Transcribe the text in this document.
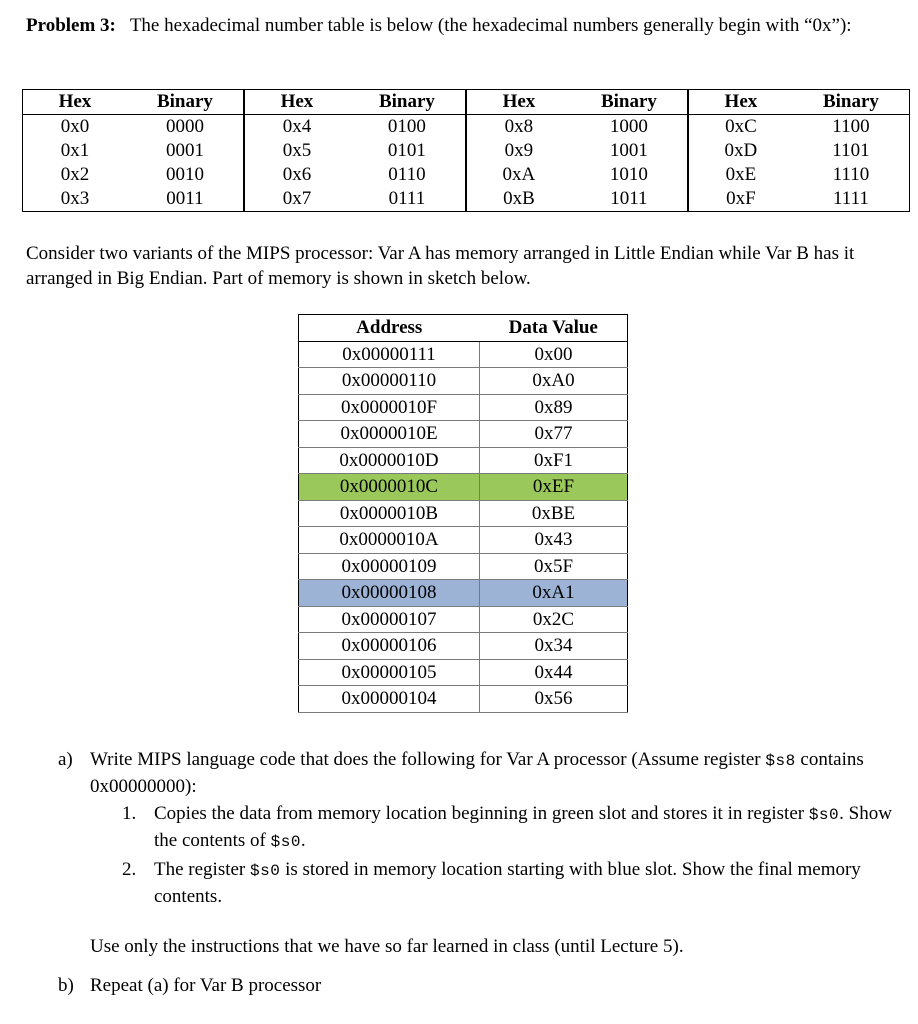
Problem 3: The hexadecimal number table is below (the hexadecimal numbers generally begin with “0x”):
Hex	Binary	Hex	Binary	Hex	Binary	Hex	Binary
0x0	0000	0x4	0100	0x8	1000	0xC	1100
0x1	0001	0x5	0101	0x9	1001	0xD	1101
0x2	0010	0x6	0110	0xA	1010	0xE	1110
0x3	0011	0x7	0111	0xB	1011	0xF	1111
Consider two variants of the MIPS processor: Var A has memory arranged in Little Endian while Var B has it arranged in Big Endian. Part of memory is shown in sketch below.
Address	Data Value
0x00000111	0x00
0x00000110	0xA0
0x0000010F	0x89
0x0000010E	0x77
0x0000010D	0xF1
0x0000010C	0xEF
0x0000010B	0xBE
0x0000010A	0x43
0x00000109	0x5F
0x00000108	0xA1
0x00000107	0x2C
0x00000106	0x34
0x00000105	0x44
0x00000104	0x56
a) Write MIPS language code that does the following for Var A processor (Assume register $s8 contains 0x00000000):
1. Copies the data from memory location beginning in green slot and stores it in register $s0. Show the contents of $s0.
2. The register $s0 is stored in memory location starting with blue slot. Show the final memory contents.
Use only the instructions that we have so far learned in class (until Lecture 5).
b) Repeat (a) for Var B processor
